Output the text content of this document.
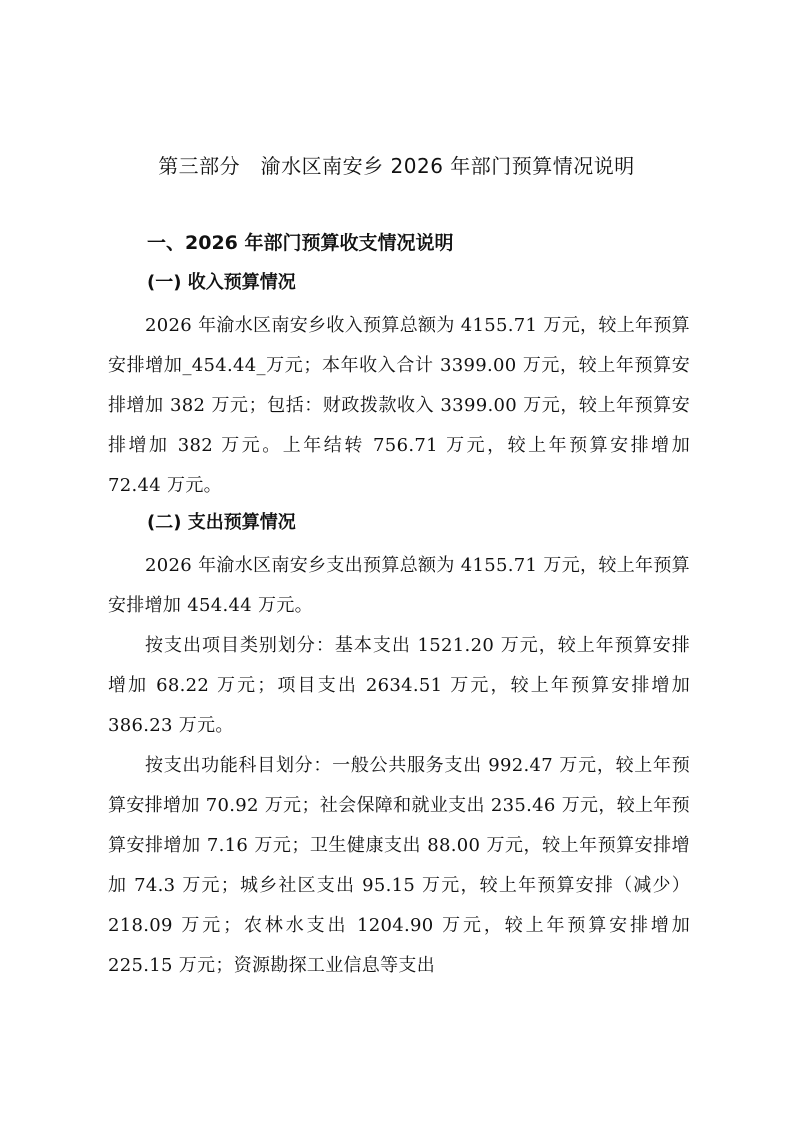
第三部分　渝水区南安乡 2026 年部门预算情况说明
一、2026 年部门预算收支情况说明
(一) 收入预算情况
2026 年渝水区南安乡收入预算总额为 4155.71 万元，较上年预算安排增加_454.44_万元；本年收入合计 3399.00 万元，较上年预算安排增加 382 万元；包括：财政拨款收入 3399.00 万元，较上年预算安排增加 382 万元。上年结转 756.71 万元，较上年预算安排增加 72.44 万元。
(二) 支出预算情况
2026 年渝水区南安乡支出预算总额为 4155.71 万元，较上年预算安排增加 454.44 万元。
按支出项目类别划分：基本支出 1521.20 万元，较上年预算安排增加 68.22 万元；项目支出 2634.51 万元，较上年预算安排增加 386.23 万元。
按支出功能科目划分：一般公共服务支出 992.47 万元，较上年预算安排增加 70.92 万元；社会保障和就业支出 235.46 万元，较上年预算安排增加 7.16 万元；卫生健康支出 88.00 万元，较上年预算安排增加 74.3 万元；城乡社区支出 95.15 万元，较上年预算安排（减少）218.09 万元；农林水支出 1204.90 万元，较上年预算安排增加 225.15 万元；资源勘探工业信息等支出
